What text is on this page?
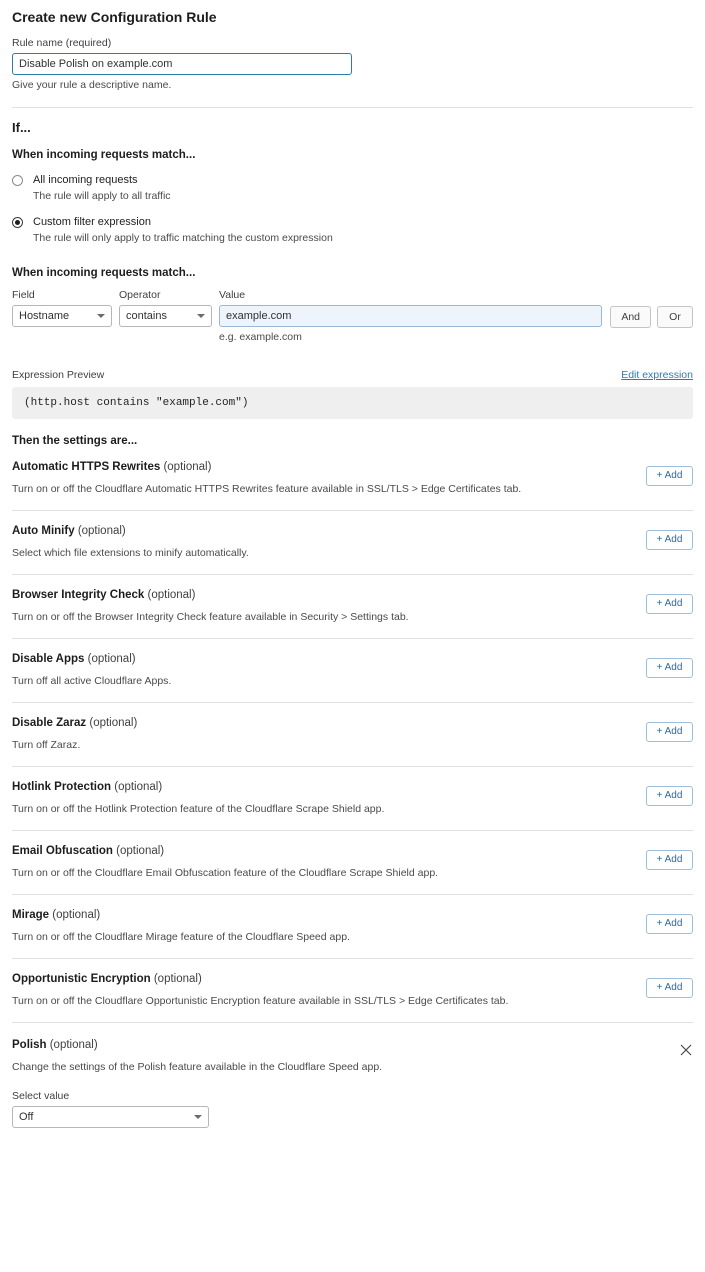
Create new Configuration Rule
Rule name (required)
Disable Polish on example.com
Give your rule a descriptive name.
If...
When incoming requests match...
All incoming requests
The rule will apply to all traffic
Custom filter expression
The rule will only apply to traffic matching the custom expression
When incoming requests match...
Field
Hostname
Operator
contains
Value
example.com
e.g. example.com
And	Or
Expression Preview	Edit expression
(http.host contains "example.com")
Then the settings are...
Automatic HTTPS Rewrites (optional)
Turn on or off the Cloudflare Automatic HTTPS Rewrites feature available in SSL/TLS > Edge Certificates tab.
+ Add
Auto Minify (optional)
Select which file extensions to minify automatically.
+ Add
Browser Integrity Check (optional)
Turn on or off the Browser Integrity Check feature available in Security > Settings tab.
+ Add
Disable Apps (optional)
Turn off all active Cloudflare Apps.
+ Add
Disable Zaraz (optional)
Turn off Zaraz.
+ Add
Hotlink Protection (optional)
Turn on or off the Hotlink Protection feature of the Cloudflare Scrape Shield app.
+ Add
Email Obfuscation (optional)
Turn on or off the Cloudflare Email Obfuscation feature of the Cloudflare Scrape Shield app.
+ Add
Mirage (optional)
Turn on or off the Cloudflare Mirage feature of the Cloudflare Speed app.
+ Add
Opportunistic Encryption (optional)
Turn on or off the Cloudflare Opportunistic Encryption feature available in SSL/TLS > Edge Certificates tab.
+ Add
Polish (optional)
Change the settings of the Polish feature available in the Cloudflare Speed app.
Select value
Off
